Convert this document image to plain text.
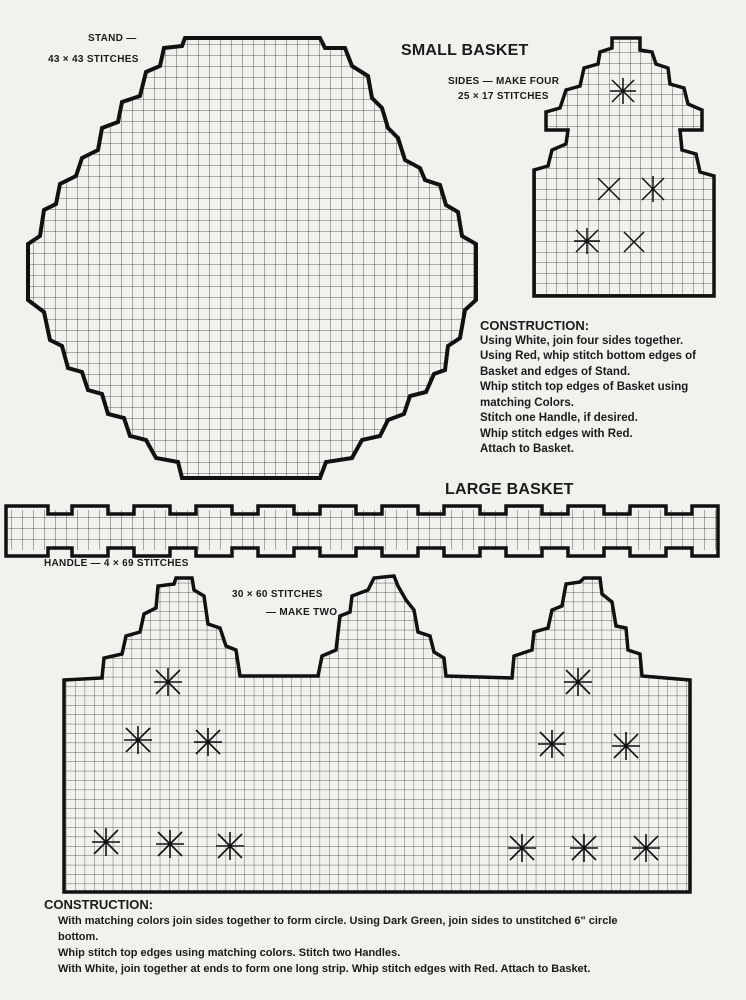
STAND —
43 × 43 STITCHES
SMALL BASKET
SIDES — MAKE FOUR
25 × 17 STITCHES
CONSTRUCTION:
Using White, join four sides together.
Using Red, whip stitch bottom edges of
Basket and edges of Stand.
Whip stitch top edges of Basket using
matching Colors.
Stitch one Handle, if desired.
Whip stitch edges with Red.
Attach to Basket.
LARGE BASKET
HANDLE — 4 × 69 STITCHES
30 × 60 STITCHES
— MAKE TWO
CONSTRUCTION:
With matching colors join sides together to form circle. Using Dark Green, join sides to unstitched 6" circle
bottom.
Whip stitch top edges using matching colors. Stitch two Handles.
With White, join together at ends to form one long strip. Whip stitch edges with Red. Attach to Basket.
